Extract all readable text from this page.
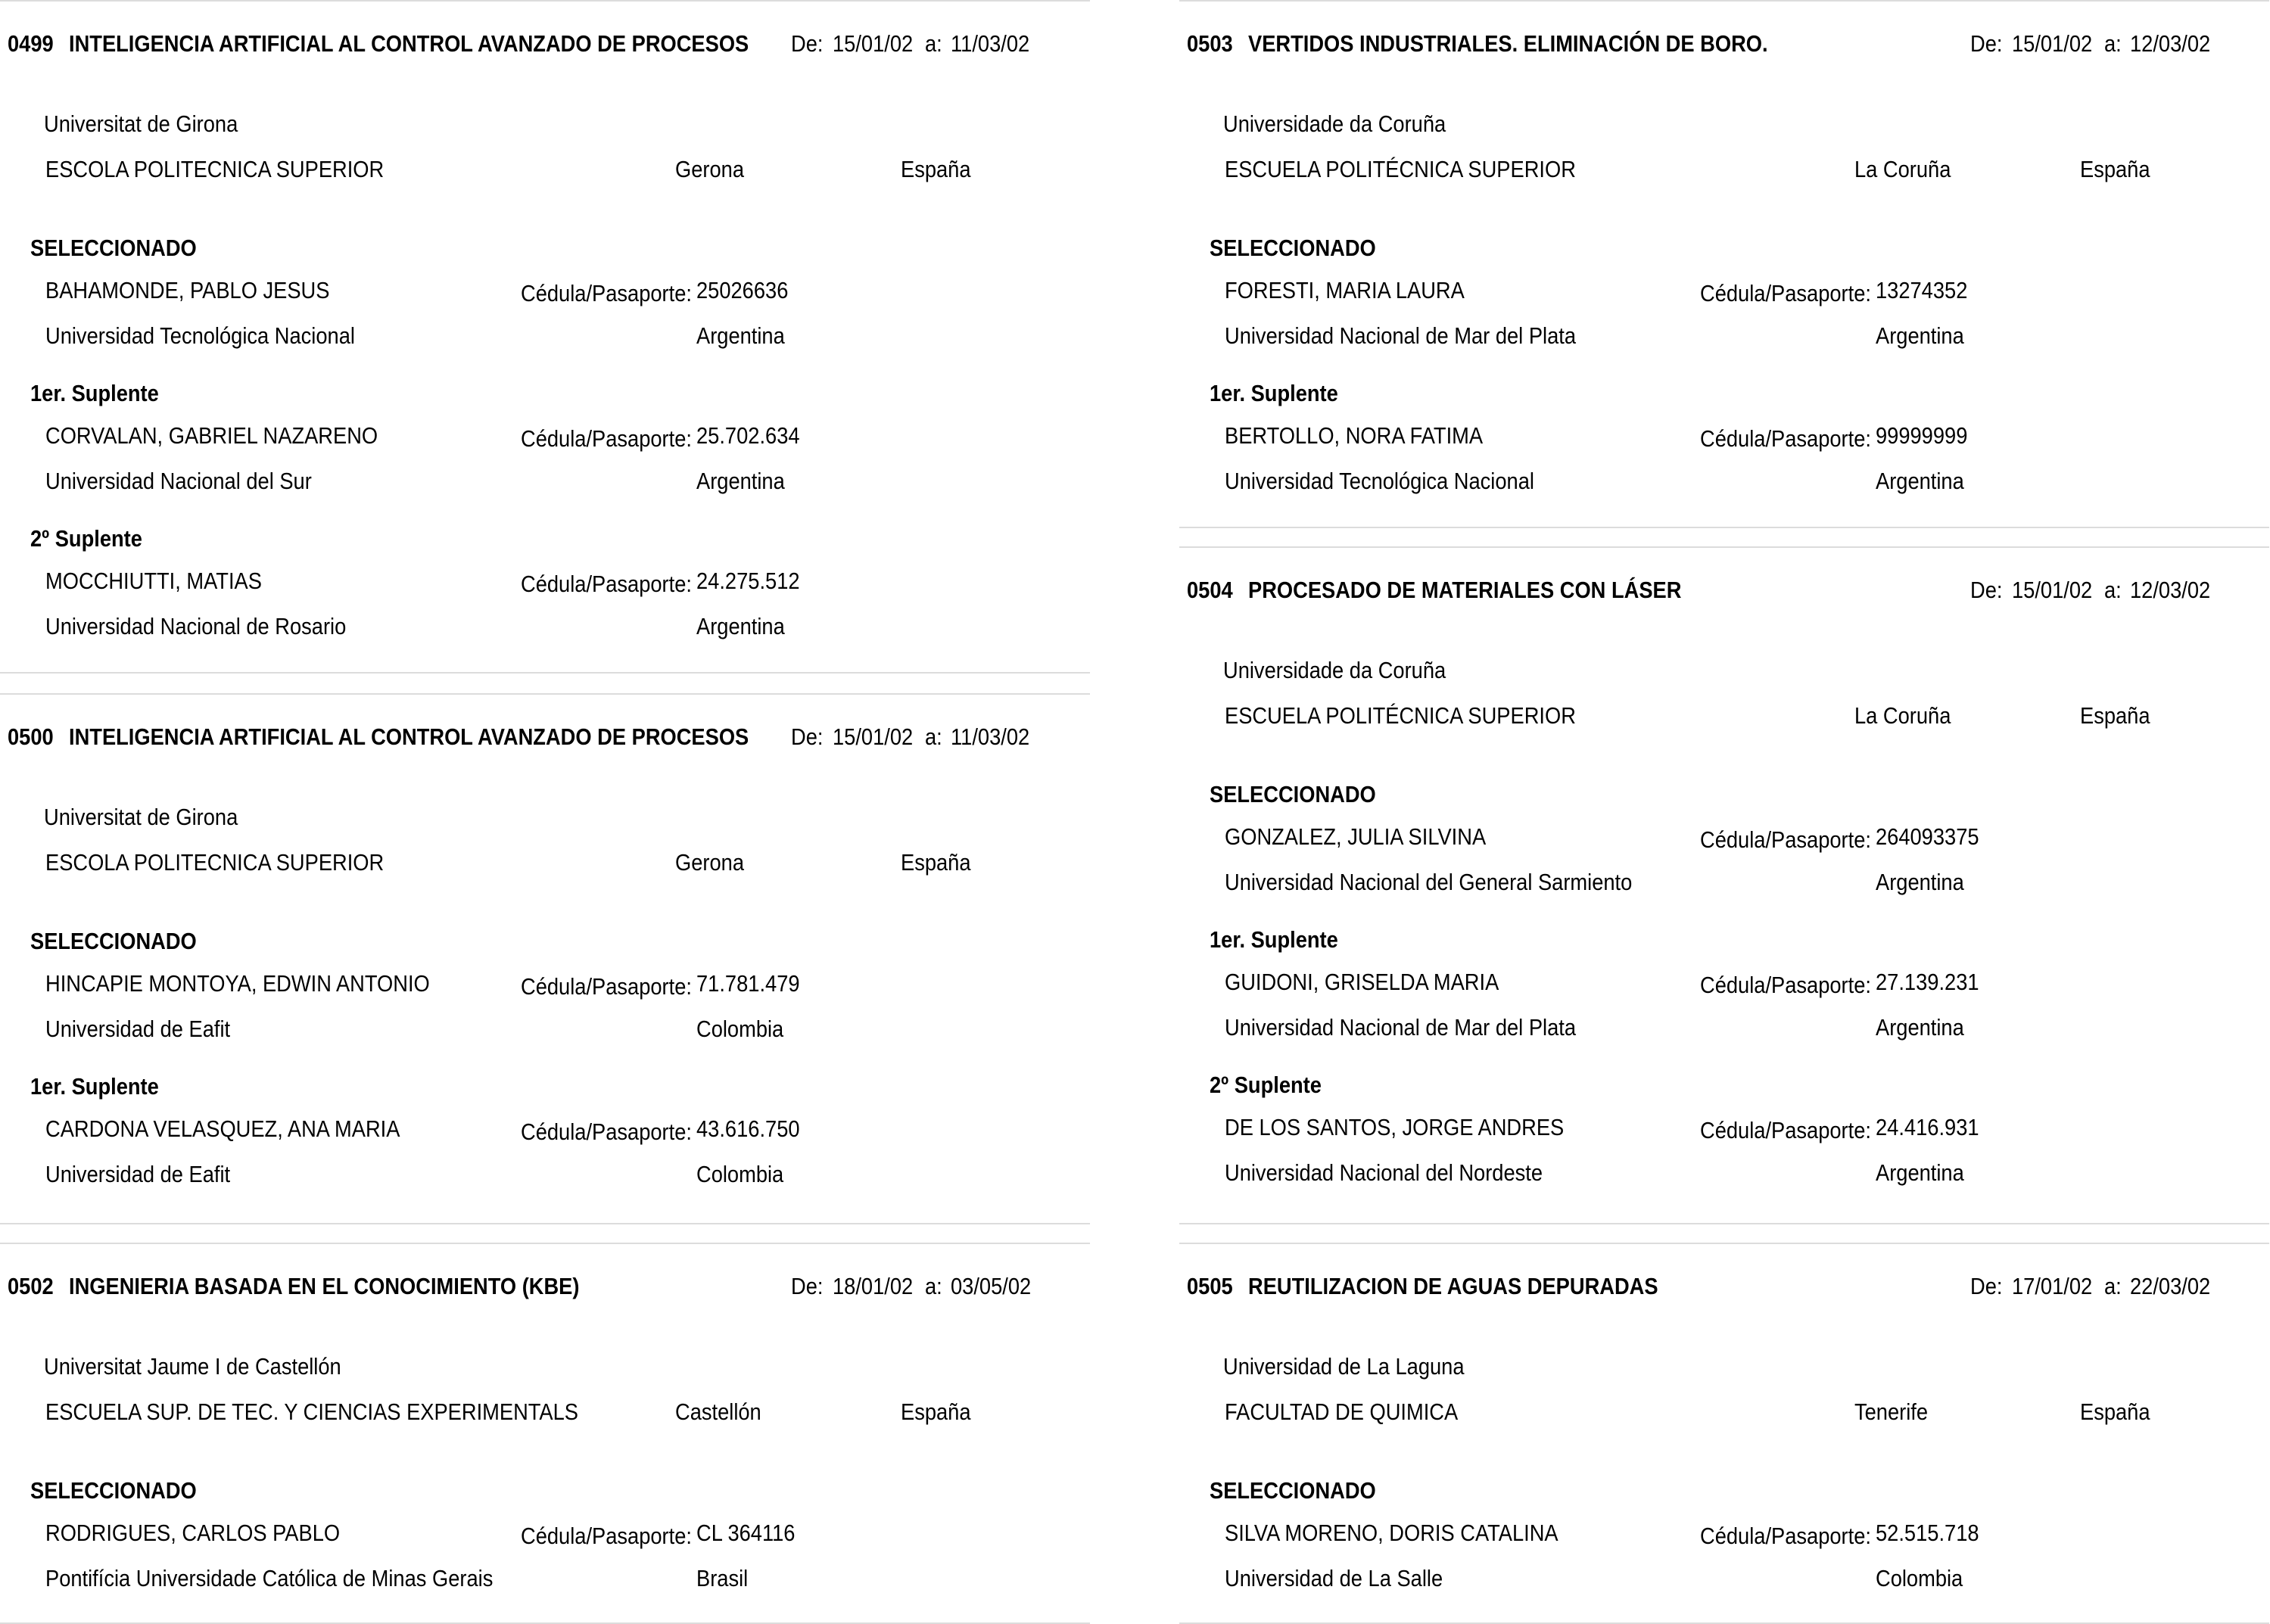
0499 INTELIGENCIA ARTIFICIAL AL CONTROL AVANZADO DE PROCESOS De: 15/01/02 a: 11/03/02
Universitat de Girona
ESCOLA POLITECNICA SUPERIOR	Gerona	España
SELECCIONADO
BAHAMONDE, PABLO JESUS	Cédula/Pasaporte: 25026636
Universidad Tecnológica Nacional	Argentina
1er. Suplente
CORVALAN, GABRIEL NAZARENO	Cédula/Pasaporte: 25.702.634
Universidad Nacional del Sur	Argentina
2º Suplente
MOCCHIUTTI, MATIAS	Cédula/Pasaporte: 24.275.512
Universidad Nacional de Rosario	Argentina
0500 INTELIGENCIA ARTIFICIAL AL CONTROL AVANZADO DE PROCESOS De: 15/01/02 a: 11/03/02
Universitat de Girona
ESCOLA POLITECNICA SUPERIOR	Gerona	España
SELECCIONADO
HINCAPIE MONTOYA, EDWIN ANTONIO	Cédula/Pasaporte: 71.781.479
Universidad de Eafit	Colombia
1er. Suplente
CARDONA VELASQUEZ, ANA MARIA	Cédula/Pasaporte: 43.616.750
Universidad de Eafit	Colombia
0502 INGENIERIA BASADA EN EL CONOCIMIENTO (KBE)	De: 18/01/02 a: 03/05/02
Universitat Jaume I de Castellón
ESCUELA SUP. DE TEC. Y CIENCIAS EXPERIMENTALS	Castellón	España
SELECCIONADO
RODRIGUES, CARLOS PABLO	Cédula/Pasaporte: CL 364116
Pontifícia Universidade Católica de Minas Gerais	Brasil
0503 VERTIDOS INDUSTRIALES. ELIMINACIÓN DE BORO.	De: 15/01/02 a: 12/03/02
Universidade da Coruña
ESCUELA POLITÉCNICA SUPERIOR	La Coruña	España
SELECCIONADO
FORESTI, MARIA LAURA	Cédula/Pasaporte: 13274352
Universidad Nacional de Mar del Plata	Argentina
1er. Suplente
BERTOLLO, NORA FATIMA	Cédula/Pasaporte: 99999999
Universidad Tecnológica Nacional	Argentina
0504 PROCESADO DE MATERIALES CON LÁSER	De: 15/01/02 a: 12/03/02
Universidade da Coruña
ESCUELA POLITÉCNICA SUPERIOR	La Coruña	España
SELECCIONADO
GONZALEZ, JULIA SILVINA	Cédula/Pasaporte: 264093375
Universidad Nacional del General Sarmiento	Argentina
1er. Suplente
GUIDONI, GRISELDA MARIA	Cédula/Pasaporte: 27.139.231
Universidad Nacional de Mar del Plata	Argentina
2º Suplente
DE LOS SANTOS, JORGE ANDRES	Cédula/Pasaporte: 24.416.931
Universidad Nacional del Nordeste	Argentina
0505 REUTILIZACION DE AGUAS DEPURADAS	De: 17/01/02 a: 22/03/02
Universidad de La Laguna
FACULTAD DE QUIMICA	Tenerife	España
SELECCIONADO
SILVA MORENO, DORIS CATALINA	Cédula/Pasaporte: 52.515.718
Universidad de La Salle	Colombia
